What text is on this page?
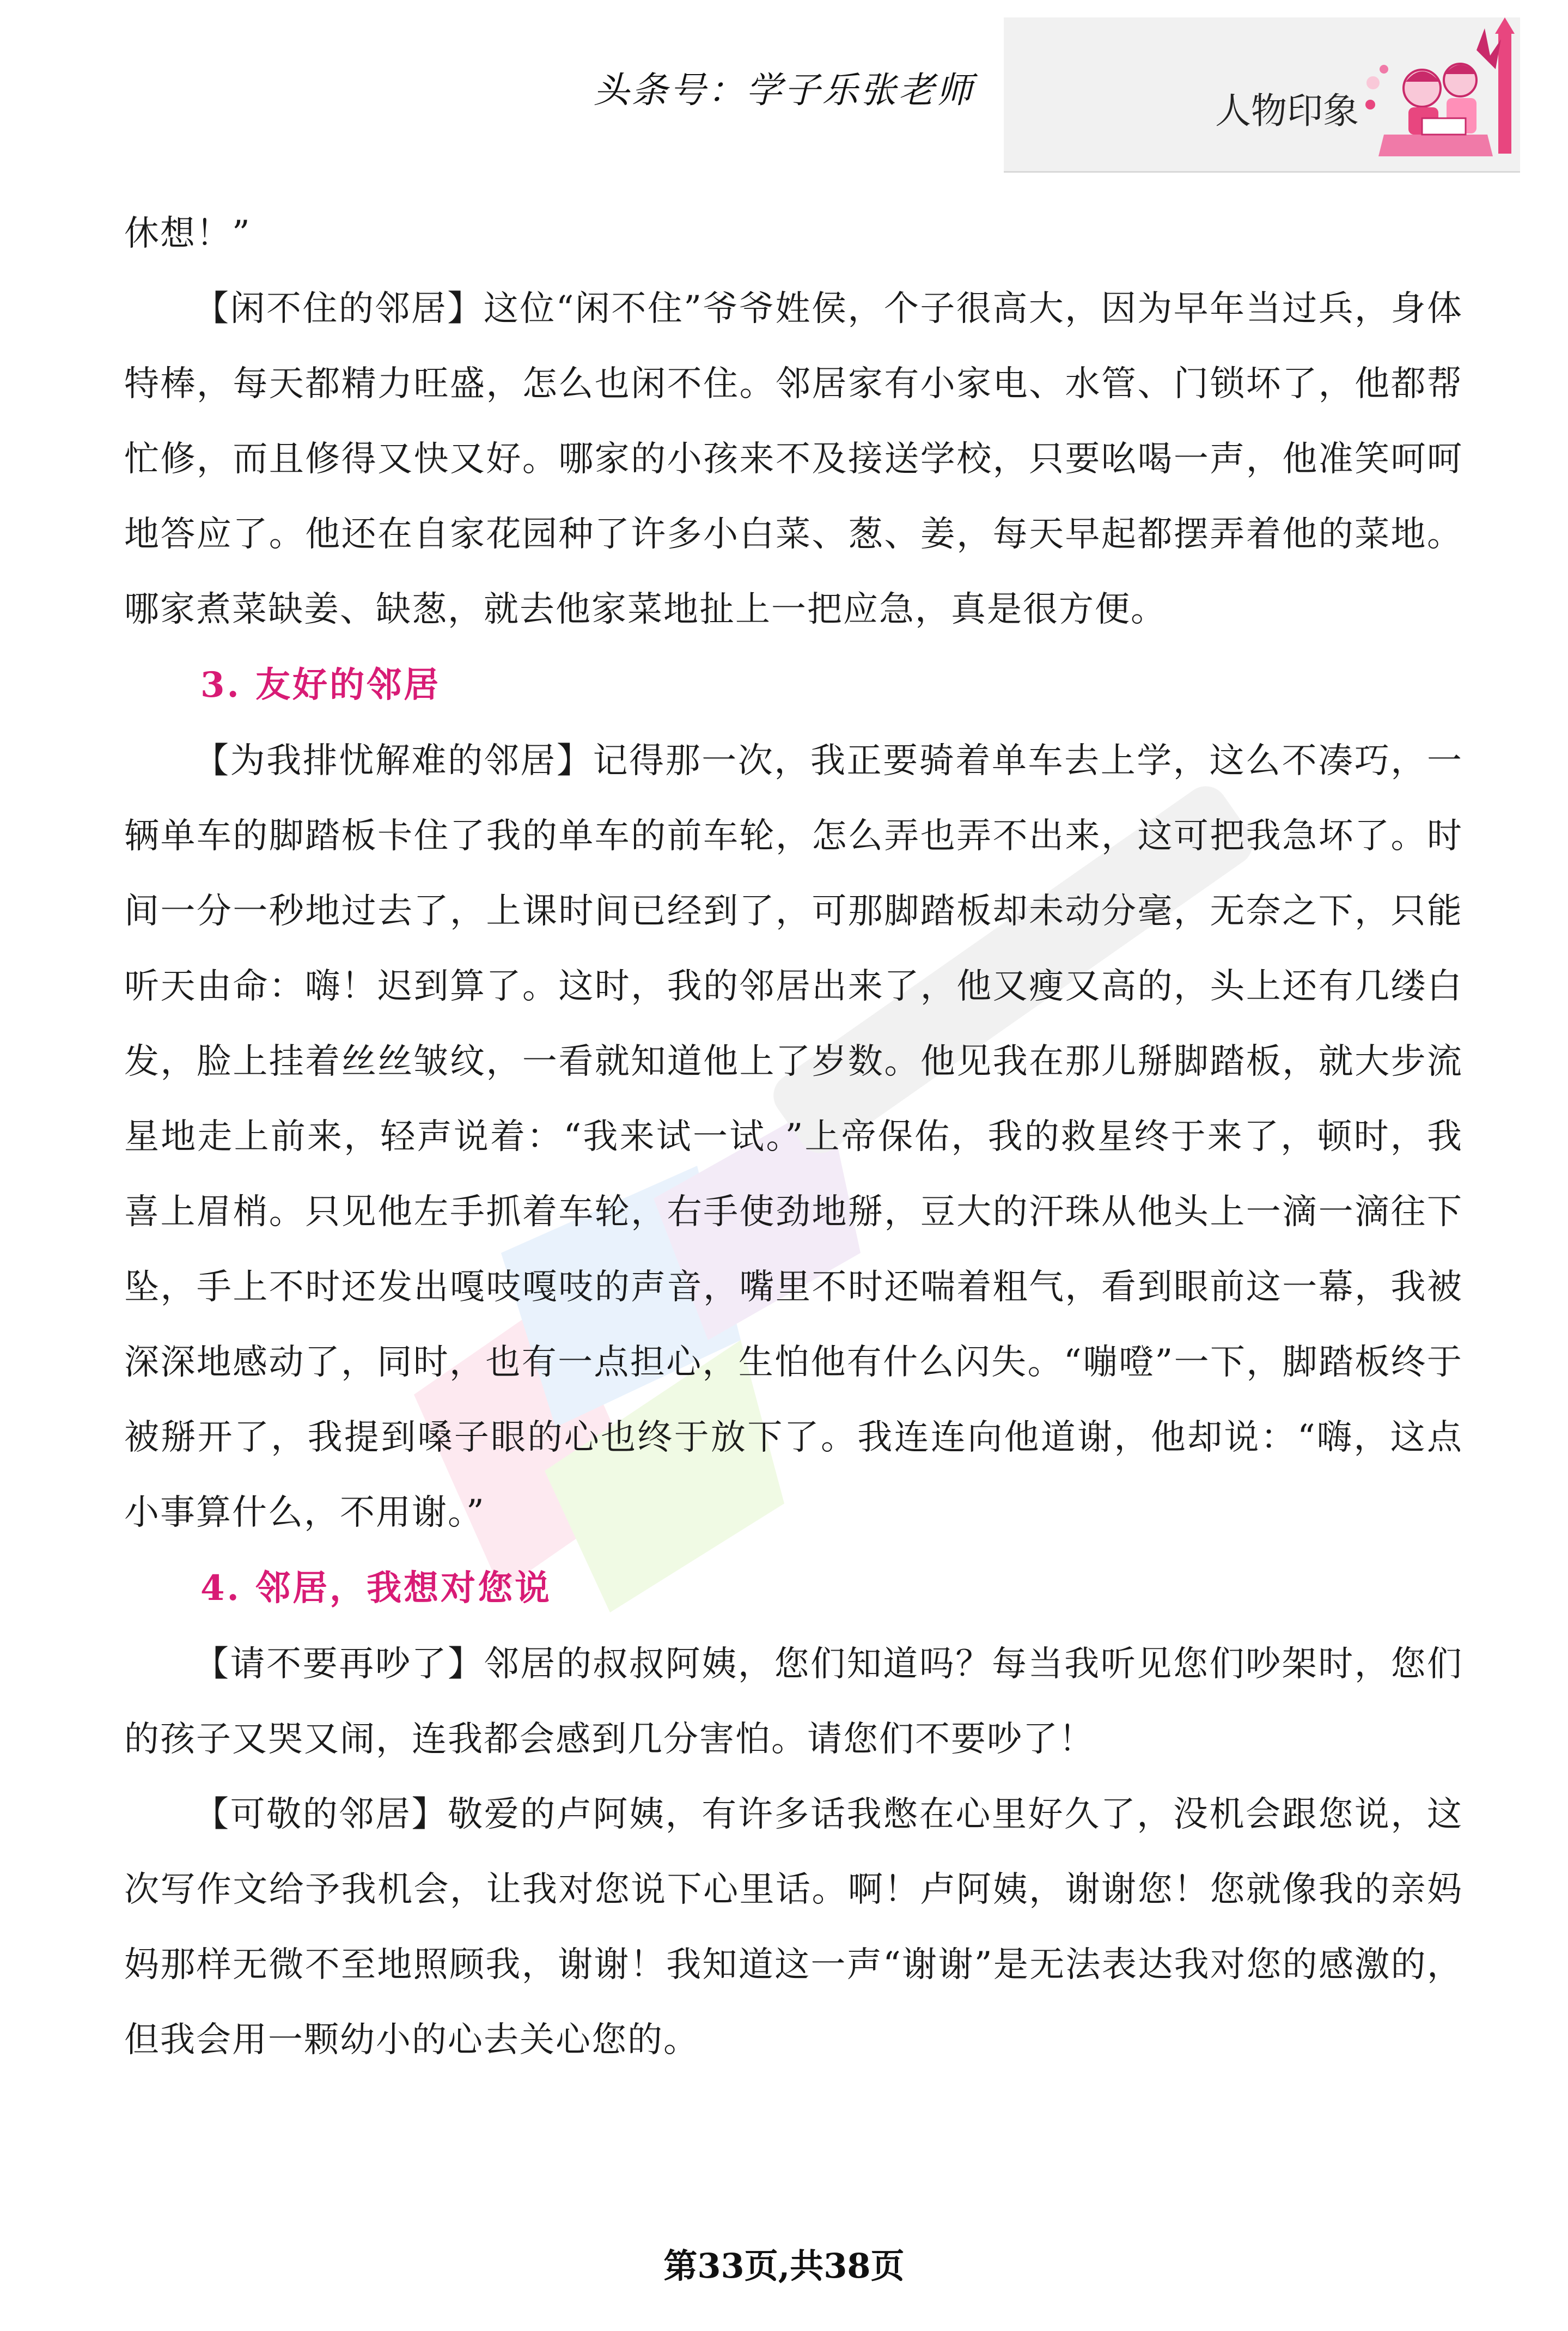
头条号：学子乐张老师	人物印象

休想！”

【闲不住的邻居】这位“闲不住”爷爷姓侯，个子很高大，因为早年当过兵，身体特棒，每天都精力旺盛，怎么也闲不住。邻居家有小家电、水管、门锁坏了，他都帮忙修，而且修得又快又好。哪家的小孩来不及接送学校，只要吆喝一声，他准笑呵呵地答应了。他还在自家花园种了许多小白菜、葱、姜，每天早起都摆弄着他的菜地。哪家煮菜缺姜、缺葱，就去他家菜地扯上一把应急，真是很方便。

3. 友好的邻居

【为我排忧解难的邻居】记得那一次，我正要骑着单车去上学，这么不凑巧，一辆单车的脚踏板卡住了我的单车的前车轮，怎么弄也弄不出来，这可把我急坏了。时间一分一秒地过去了，上课时间已经到了，可那脚踏板却未动分毫，无奈之下，只能听天由命：嗨！迟到算了。这时，我的邻居出来了，他又瘦又高的，头上还有几缕白发，脸上挂着丝丝皱纹，一看就知道他上了岁数。他见我在那儿掰脚踏板，就大步流星地走上前来，轻声说着：“我来试一试。”上帝保佑，我的救星终于来了，顿时，我喜上眉梢。只见他左手抓着车轮，右手使劲地掰，豆大的汗珠从他头上一滴一滴往下坠，手上不时还发出嘎吱嘎吱的声音，嘴里不时还喘着粗气，看到眼前这一幕，我被深深地感动了，同时，也有一点担心，生怕他有什么闪失。“嘣噔”一下，脚踏板终于被掰开了，我提到嗓子眼的心也终于放下了。我连连向他道谢，他却说：“嗨，这点小事算什么，不用谢。”

4. 邻居，我想对您说

【请不要再吵了】邻居的叔叔阿姨，您们知道吗？每当我听见您们吵架时，您们的孩子又哭又闹，连我都会感到几分害怕。请您们不要吵了！

【可敬的邻居】敬爱的卢阿姨，有许多话我憋在心里好久了，没机会跟您说，这次写作文给予我机会，让我对您说下心里话。啊！卢阿姨，谢谢您！您就像我的亲妈妈那样无微不至地照顾我，谢谢！我知道这一声“谢谢”是无法表达我对您的感激的，但我会用一颗幼小的心去关心您的。

第33页,共38页
